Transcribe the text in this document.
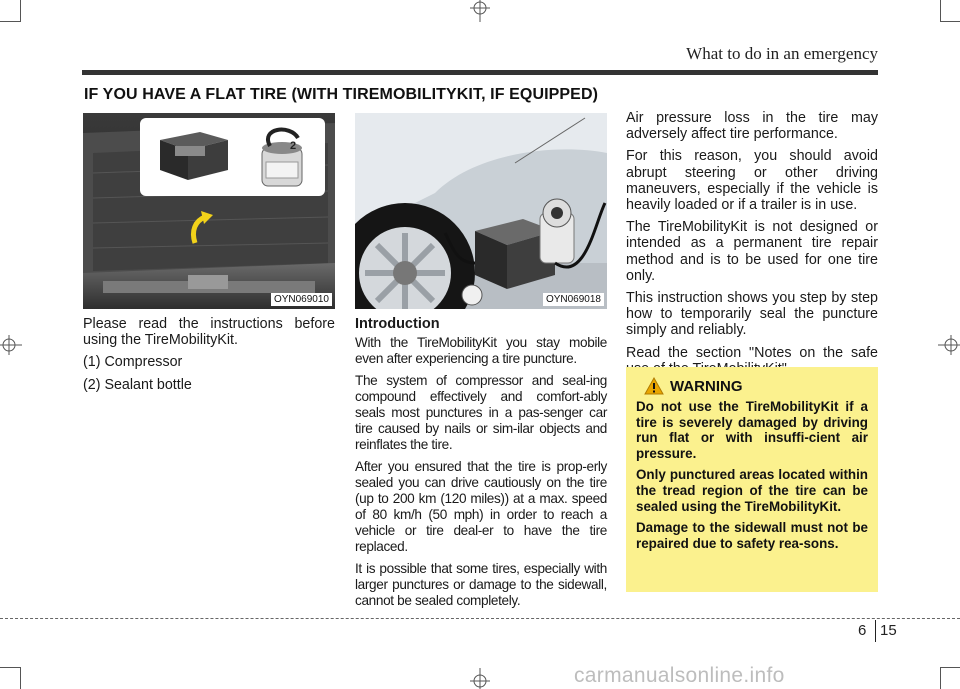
What to do in an emergency
IF YOU HAVE A FLAT TIRE (WITH TIREMOBILITYKIT, IF EQUIPPED)
2
OYN069010	OYN069018

Please read the instructions before using the TireMobilityKit.

(1) Compressor

(2) Sealant bottle

Introduction

With the TireMobilityKit you stay mobile even after experiencing a tire puncture.

The system of compressor and seal-ing compound effectively and comfort-ably seals most punctures in a pas-senger car tire caused by nails or sim-ilar objects and reinflates the tire.

After you ensured that the tire is prop-erly sealed you can drive cautiously on the tire (up to 200 km (120 miles)) at a max. speed of 80 km/h (50 mph) in order to reach a vehicle or tire deal-er to have the tire replaced.

It is possible that some tires, especially with larger punctures or damage to the sidewall, cannot be sealed completely.

Air pressure loss in the tire may adversely affect tire performance.

For this reason, you should avoid abrupt steering or other driving maneuvers, especially if the vehicle is heavily loaded or if a trailer is in use.

The TireMobilityKit is not designed or intended as a permanent tire repair method and is to be used for one tire only.

This instruction shows you step by step how to temporarily seal the puncture simply and reliably.

Read the section "Notes on the safe

WARNING

Do not use the TireMobilityKit if a tire is severely damaged by driving run flat or with insuffi-cient air pressure.

Only punctured areas located within the tread region of the tire can be sealed using the TireMobilityKit.

Damage to the sidewall must not be repaired due to safety rea-sons.

6 15
carmanualsonline.info
